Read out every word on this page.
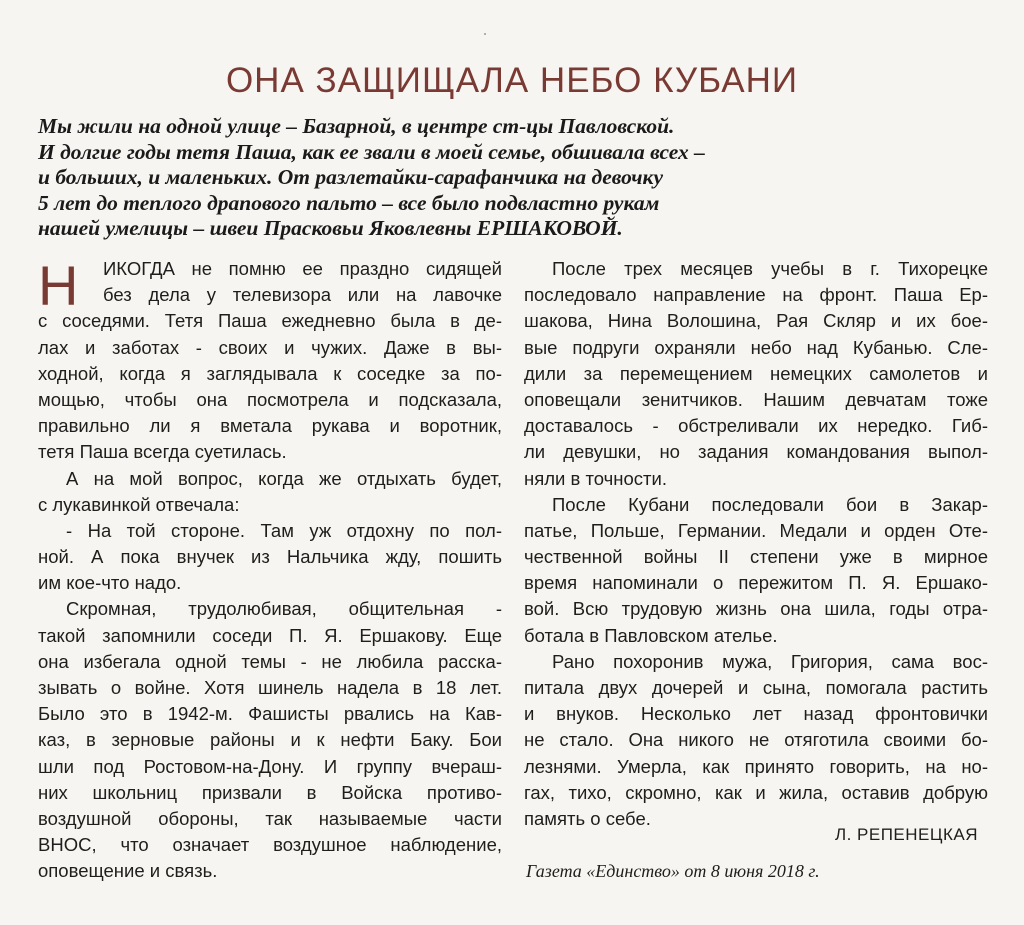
ОНА ЗАЩИЩАЛА НЕБО КУБАНИ
Мы жили на одной улице – Базарной, в центре ст-цы Павловской.
И долгие годы тетя Паша, как ее звали в моей семье, обшивала всех –
и больших, и маленьких. От разлетайки-сарафанчика на девочку
5 лет до теплого драпового пальто – все было подвластно рукам
нашей умелицы – швеи Прасковьи Яковлевны ЕРШАКОВОЙ.
Н	ИКОГДА не помню ее праздно сидящей
без дела у телевизора или на лавочке
с соседями. Тетя Паша ежедневно была в де-
лах и заботах - своих и чужих. Даже в вы-
ходной, когда я заглядывала к соседке за по-
мощью, чтобы она посмотрела и подсказала,
правильно ли я вметала рукава и воротник,
тетя Паша всегда суетилась.
А на мой вопрос, когда же отдыхать будет,
с лукавинкой отвечала:
- На той стороне. Там уж отдохну по пол-
ной. А пока внучек из Нальчика жду, пошить
им кое-что надо.
Скромная, трудолюбивая, общительная -
такой запомнили соседи П. Я. Ершакову. Еще
она избегала одной темы - не любила расска-
зывать о войне. Хотя шинель надела в 18 лет.
Было это в 1942-м. Фашисты рвались на Кав-
каз, в зерновые районы и к нефти Баку. Бои
шли под Ростовом-на-Дону. И группу вчераш-
них школьниц призвали в Войска противо-
воздушной обороны, так называемые части
ВНОС, что означает воздушное наблюдение,
оповещение и связь.
После трех месяцев учебы в г. Тихорецке
последовало направление на фронт. Паша Ер-
шакова, Нина Волошина, Рая Скляр и их бое-
вые подруги охраняли небо над Кубанью. Сле-
дили за перемещением немецких самолетов и
оповещали зенитчиков. Нашим девчатам тоже
доставалось - обстреливали их нередко. Гиб-
ли девушки, но задания командования выпол-
няли в точности.
После Кубани последовали бои в Закар-
патье, Польше, Германии. Медали и орден Оте-
чественной войны II степени уже в мирное
время напоминали о пережитом П. Я. Ершако-
вой. Всю трудовую жизнь она шила, годы отра-
ботала в Павловском ателье.
Рано похоронив мужа, Григория, сама вос-
питала двух дочерей и сына, помогала растить
и внуков. Несколько лет назад фронтовички
не стало. Она никого не отяготила своими бо-
лезнями. Умерла, как принято говорить, на но-
гах, тихо, скромно, как и жила, оставив добрую
память о себе.
Л. РЕПЕНЕЦКАЯ
Газета «Единство» от 8 июня 2018 г.
